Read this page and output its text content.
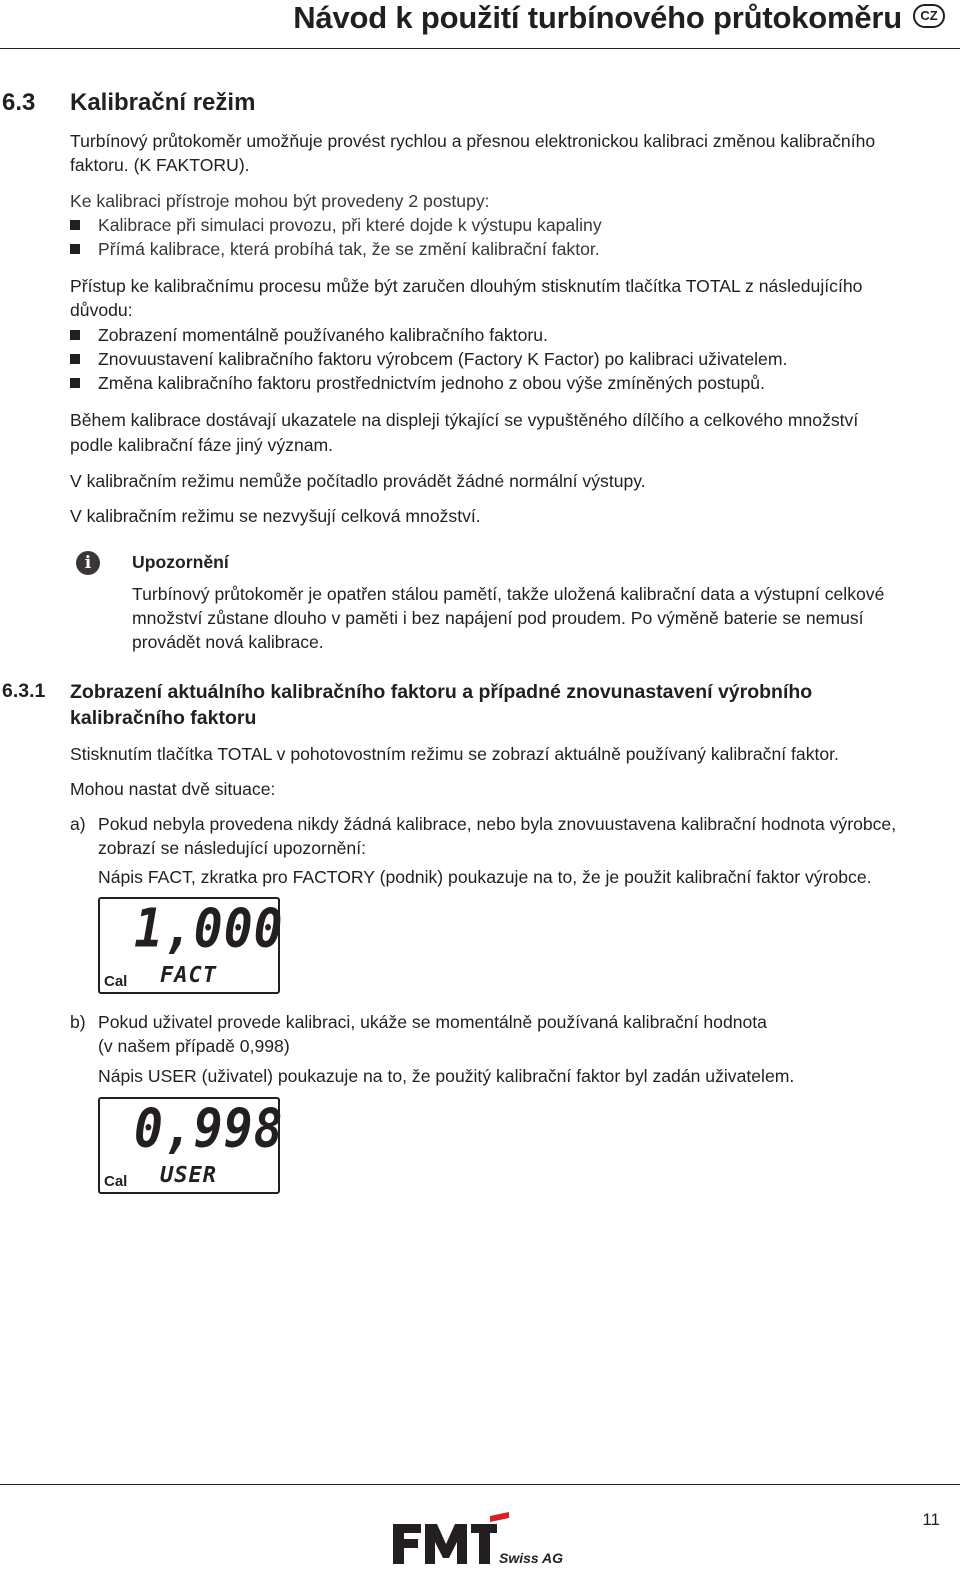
Návod k použití turbínového průtokoměru	CZ
6.3 Kalibrační režim
Turbínový průtokoměr umožňuje provést rychlou a přesnou elektronickou kalibraci změnou kalibračního
faktoru. (K FAKTORU).
Ke kalibraci přístroje mohou být provedeny 2 postupy:
Kalibrace při simulaci provozu, při které dojde k výstupu kapaliny
Přímá kalibrace, která probíhá tak, že se změní kalibrační faktor.
Přístup ke kalibračnímu procesu může být zaručen dlouhým stisknutím tlačítka TOTAL z následujícího
důvodu:
Zobrazení momentálně používaného kalibračního faktoru.
Znovuustavení kalibračního faktoru výrobcem (Factory K Factor) po kalibraci uživatelem.
Změna kalibračního faktoru prostřednictvím jednoho z obou výše zmíněných postupů.
Během kalibrace dostávají ukazatele na displeji týkající se vypuštěného dílčího a celkového množství
podle kalibrační fáze jiný význam.
V kalibračním režimu nemůže počítadlo provádět žádné normální výstupy.
V kalibračním režimu se nezvyšují celková množství.
i	Upozornění
Turbínový průtokoměr je opatřen stálou pamětí, takže uložená kalibrační data a výstupní celkové
množství zůstane dlouho v paměti i bez napájení pod proudem. Po výměně baterie se nemusí
provádět nová kalibrace.
6.3.1 Zobrazení aktuálního kalibračního faktoru a případné znovunastavení výrobního
kalibračního faktoru
Stisknutím tlačítka TOTAL v pohotovostním režimu se zobrazí aktuálně používaný kalibrační faktor.
Mohou nastat dvě situace:
a) Pokud nebyla provedena nikdy žádná kalibrace, nebo byla znovuustavena kalibrační hodnota výrobce,
zobrazí se následující upozornění:
Nápis FACT, zkratka pro FACTORY (podnik) poukazuje na to, že je použit kalibrační faktor výrobce.
1,000
Cal FACT
b) Pokud uživatel provede kalibraci, ukáže se momentálně používaná kalibrační hodnota
(v našem případě 0,998)
Nápis USER (uživatel) poukazuje na to, že použitý kalibrační faktor byl zadán uživatelem.
0,998
Cal USER
11
Swiss AG
